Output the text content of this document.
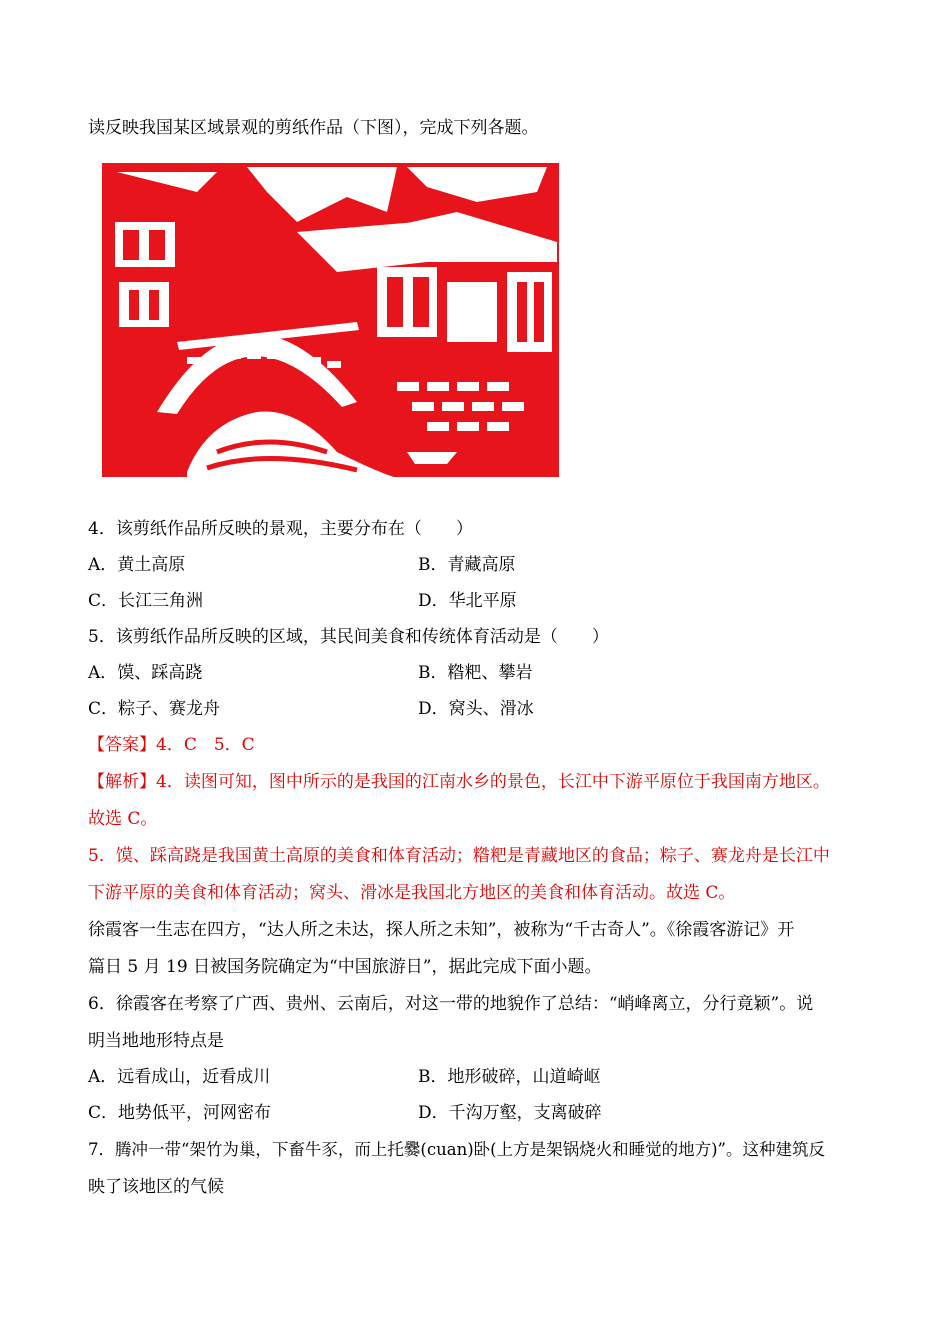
读反映我国某区域景观的剪纸作品（下图），完成下列各题。
4．该剪纸作品所反映的景观，主要分布在（　　）
A．黄土高原	B．青藏高原
C．长江三角洲	D．华北平原
5．该剪纸作品所反映的区域，其民间美食和传统体育活动是（　　）
A．馍、踩高跷	B．糌粑、攀岩
C．粽子、赛龙舟	D．窝头、滑冰
【答案】4．C　5．C
【解析】4．读图可知，图中所示的是我国的江南水乡的景色，长江中下游平原位于我国南方地区。
故选 C。
5．馍、踩高跷是我国黄土高原的美食和体育活动；糌粑是青藏地区的食品；粽子、赛龙舟是长江中
下游平原的美食和体育活动；窝头、滑冰是我国北方地区的美食和体育活动。故选 C。
徐霞客一生志在四方，“达人所之未达，探人所之未知”，被称为“千古奇人”。《徐霞客游记》开
篇日 5 月 19 日被国务院确定为“中国旅游日”，据此完成下面小题。
6．徐霞客在考察了广西、贵州、云南后，对这一带的地貌作了总结：“峭峰离立，分行竟颖”。说
明当地地形特点是
A．远看成山，近看成川	B．地形破碎，山道崎岖
C．地势低平，河网密布	D．千沟万壑，支离破碎
7．腾冲一带“架竹为巢，下畜牛豕，而上托爨(cuan)卧(上方是架锅烧火和睡觉的地方)”。这种建筑反
映了该地区的气候
